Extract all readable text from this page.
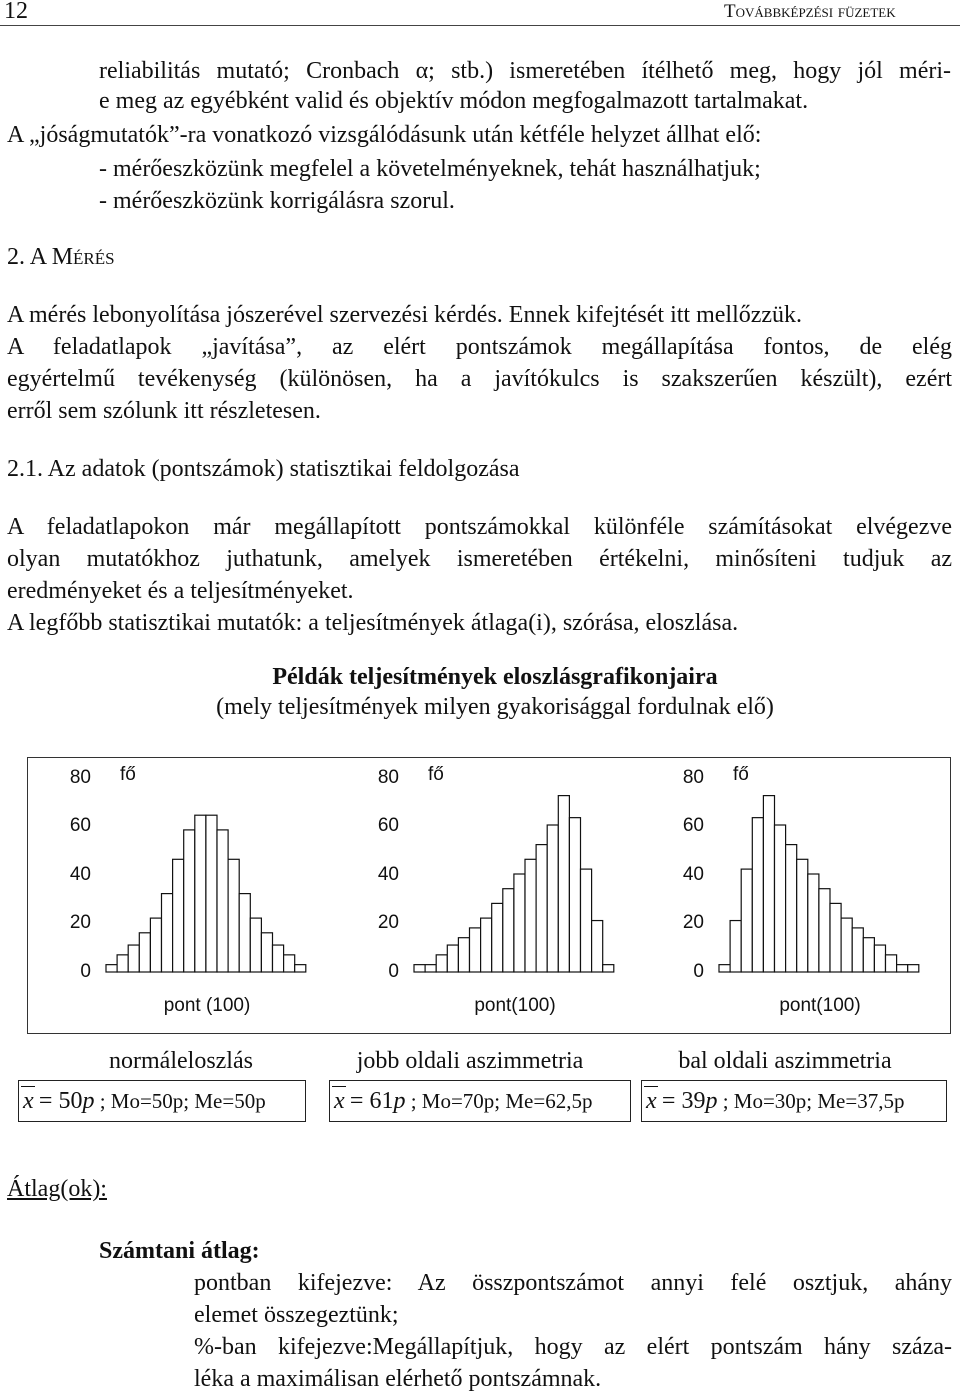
12	Továbbképzési füzetek
reliabilitás mutató; Cronbach α; stb.) ismeretében ítélhető meg, hogy jól méri-
e meg az egyébként valid és objektív módon megfogalmazott tartalmakat.
A „jóságmutatók”-ra vonatkozó vizsgálódásunk után kétféle helyzet állhat elő:
- mérőeszközünk megfelel a követelményeknek, tehát használhatjuk;
- mérőeszközünk korrigálásra szorul.
2. A Mérés
A mérés lebonyolítása jószerével szervezési kérdés. Ennek kifejtését itt mellőzzük.
A feladatlapok „javítása”, az elért pontszámok megállapítása fontos, de elég
egyértelmű tevékenység (különösen, ha a javítókulcs is szakszerűen készült), ezért
erről sem szólunk itt részletesen.
2.1. Az adatok (pontszámok) statisztikai feldolgozása
A feladatlapokon már megállapított pontszámokkal különféle számításokat elvégezve
olyan mutatókhoz juthatunk, amelyek ismeretében értékelni, minősíteni tudjuk az
eredményeket és a teljesítményeket.
A legfőbb statisztikai mutatók: a teljesítmények átlaga(i), szórása, eloszlása.
Példák teljesítmények eloszlásgrafikonjaira
(mely teljesítmények milyen gyakorisággal fordulnak elő)
80
60
40
20
0
fő
pont (100)
80
60
40
20
0
fő
pont(100)
80
60
40
20
0
fő
pont(100)
normáleloszlás	jobb oldali aszimmetria	bal oldali aszimmetria
x = 50p ; Mo=50p; Me=50p	x = 61p ; Mo=70p; Me=62,5p	x = 39p ; Mo=30p; Me=37,5p
Átlag(ok):
Számtani átlag:
pontban kifejezve: Az összpontszámot annyi felé osztjuk, ahány
elemet összegeztünk;
%-ban kifejezve:Megállapítjuk, hogy az elért pontszám hány száza-
léka a maximálisan elérhető pontszámnak.
